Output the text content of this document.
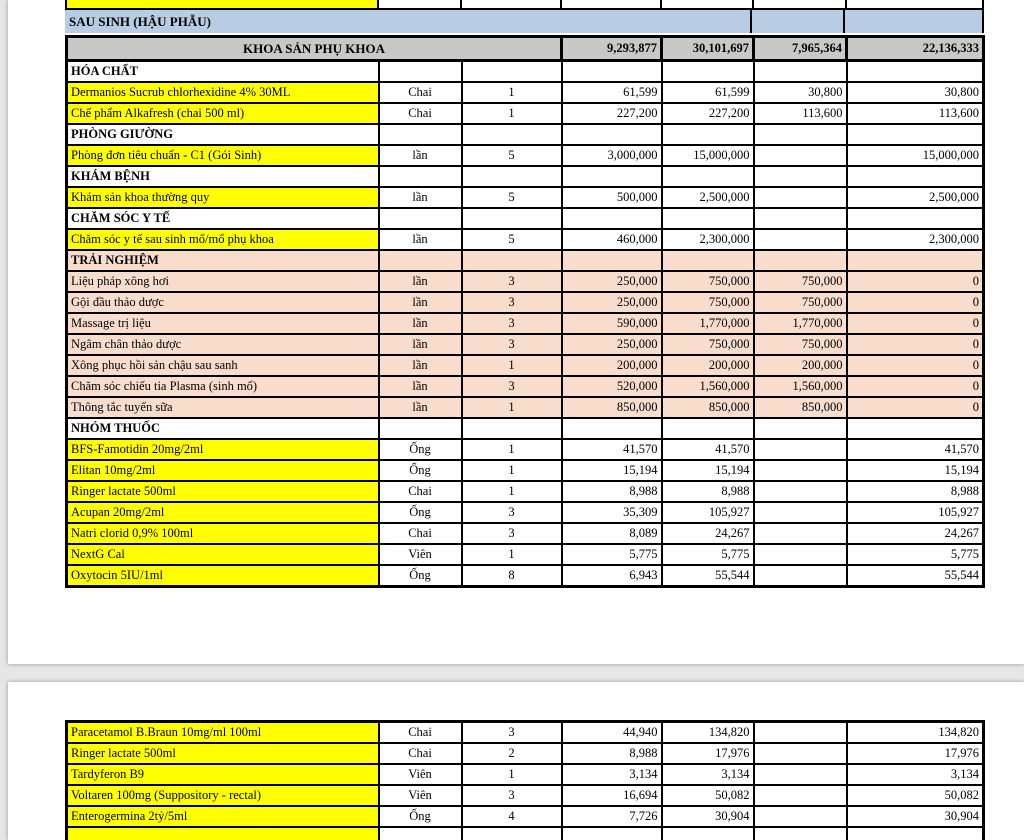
SAU SINH (HẬU PHẪU)
KHOA SẢN PHỤ KHOA			9,293,877	30,101,697	7,965,364	22,136,333
HÓA CHẤT						
Dermanios Sucrub chlorhexidine 4% 30ML	Chai	1	61,599	61,599	30,800	30,800
Chế phẩm Alkafresh (chai 500 ml)	Chai	1	227,200	227,200	113,600	113,600
PHÒNG GIƯỜNG						
Phòng đơn tiêu chuẩn - C1 (Gói Sinh)	lần	5	3,000,000	15,000,000		15,000,000
KHÁM BỆNH						
Khám sản khoa thường quy	lần	5	500,000	2,500,000		2,500,000
CHĂM SÓC Y TẾ						
Chăm sóc y tế sau sinh mổ/mổ phụ khoa	lần	5	460,000	2,300,000		2,300,000
TRẢI NGHIỆM						
Liệu pháp xông hơi	lần	3	250,000	750,000	750,000	0
Gội đầu thảo dược	lần	3	250,000	750,000	750,000	0
Massage trị liệu	lần	3	590,000	1,770,000	1,770,000	0
Ngâm chân thảo dược	lần	3	250,000	750,000	750,000	0
Xông phục hồi sản chậu sau sanh	lần	1	200,000	200,000	200,000	0
Chăm sóc chiếu tia Plasma (sinh mổ)	lần	3	520,000	1,560,000	1,560,000	0
Thông tắc tuyến sữa	lần	1	850,000	850,000	850,000	0
NHÓM THUỐC						
BFS-Famotidin 20mg/2ml	Ống	1	41,570	41,570		41,570
Elitan 10mg/2ml	Ống	1	15,194	15,194		15,194
Ringer lactate 500ml	Chai	1	8,988	8,988		8,988
Acupan 20mg/2ml	Ống	3	35,309	105,927		105,927
Natri clorid 0,9% 100ml	Chai	3	8,089	24,267		24,267
NextG Cal	Viên	1	5,775	5,775		5,775
Oxytocin 5IU/1ml	Ống	8	6,943	55,544		55,544
Paracetamol B.Braun 10mg/ml 100ml	Chai	3	44,940	134,820		134,820
Ringer lactate 500ml	Chai	2	8,988	17,976		17,976
Tardyferon B9	Viên	1	3,134	3,134		3,134
Voltaren 100mg (Suppository - rectal)	Viên	3	16,694	50,082		50,082
Enterogermina 2tỷ/5ml	Ống	4	7,726	30,904		30,904
